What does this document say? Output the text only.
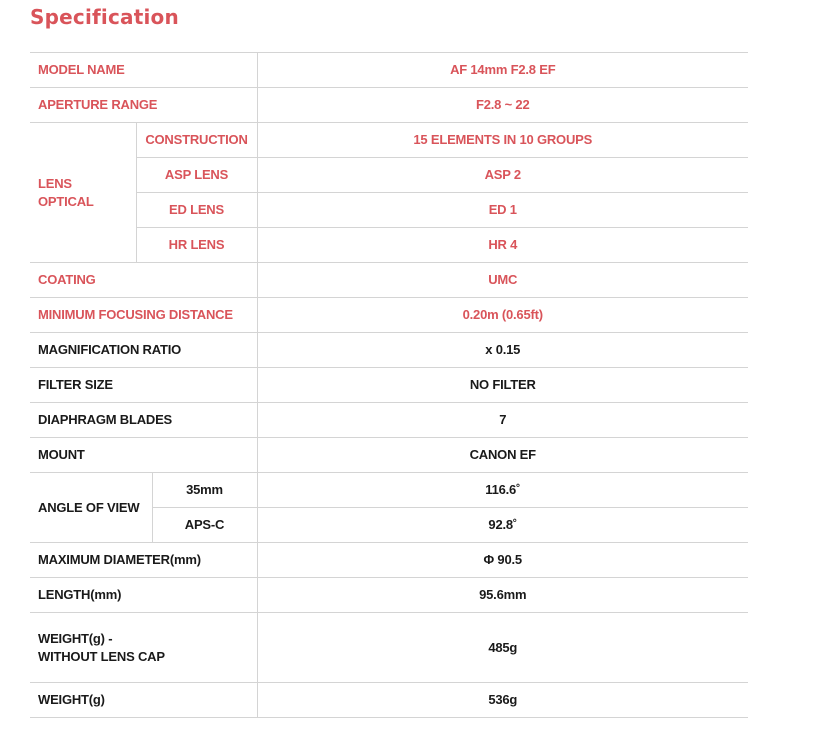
Specification
MODEL NAME			AF 14mm F2.8 EF
APERTURE RANGE			F2.8 ~ 22
LENS OPTICAL	CONSTRUCTION		15 ELEMENTS IN 10 GROUPS
	ASP LENS		ASP 2
	ED LENS		ED 1
	HR LENS		HR 4
COATING			UMC
MINIMUM FOCUSING DISTANCE			0.20m (0.65ft)
MAGNIFICATION RATIO			x 0.15
FILTER SIZE			NO FILTER
DIAPHRAGM BLADES			7
MOUNT			CANON EF
ANGLE OF VIEW		35mm	116.6˚
		APS-C	92.8˚
MAXIMUM DIAMETER(mm)			Φ 90.5
LENGTH(mm)			95.6mm
WEIGHT(g) -
WITHOUT LENS CAP			485g
WEIGHT(g)			536g
